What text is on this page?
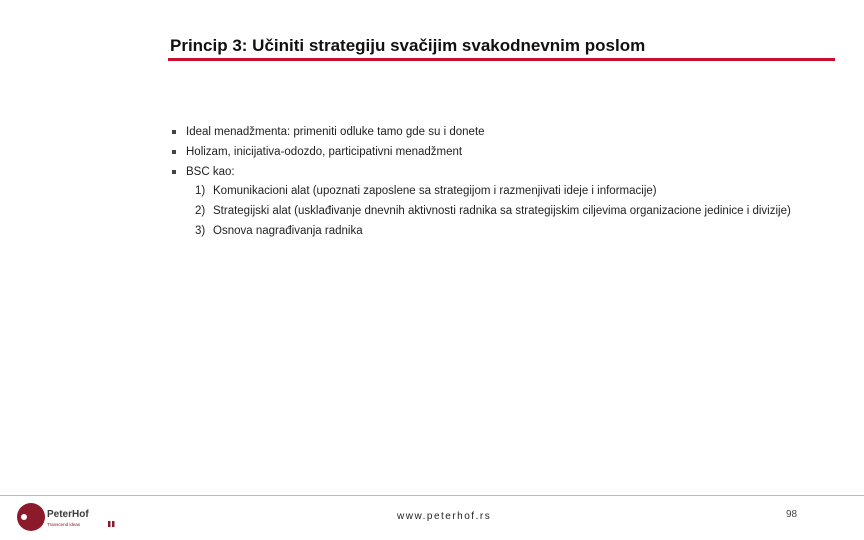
Princip 3: Učiniti strategiju svačijim svakodnevnim poslom
Ideal menadžmenta: primeniti odluke tamo gde su i donete
Holizam, inicijativa-odozdo, participativni menadžment
BSC kao:
1) Komunikacioni alat (upoznati zaposlene sa strategijom i razmenjivati ideje i informacije)
2) Strategijski alat (usklađivanje dnevnih aktivnosti radnika sa strategijskim ciljevima organizacione jedinice i divizije)
3) Osnova nagrađivanja radnika
PeterHof
Transcend ideas
www.peterhof.rs	98
